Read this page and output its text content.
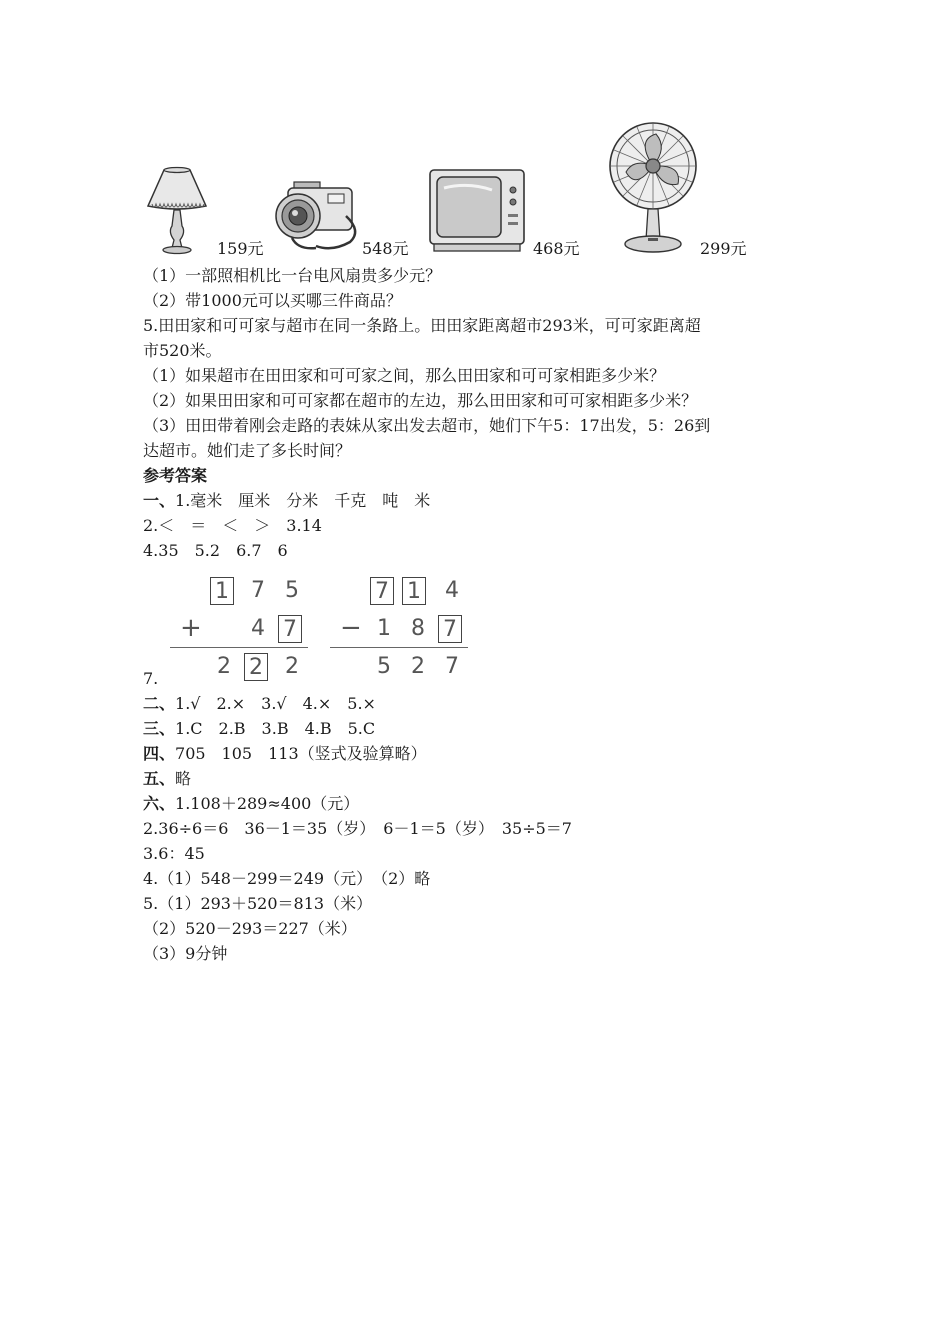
159元	548元	468元	299元
（1）一部照相机比一台电风扇贵多少元？
（2）带1000元可以买哪三件商品？
5.田田家和可可家与超市在同一条路上。田田家距离超市293米，可可家距离超
市520米。
（1）如果超市在田田家和可可家之间，那么田田家和可可家相距多少米？
（2）如果田田家和可可家都在超市的左边，那么田田家和可可家相距多少米？
（3）田田带着刚会走路的表妹从家出发去超市，她们下午5：17出发，5：26到
达超市。她们走了多长时间？
参考答案
一、1.毫米　厘米　分米　千克　吨　米
2.＜　＝　＜　＞　3.14
4.35　5.2　6.7　6
1 7 5
+ 4 7
2 2 2
7 1 4
− 1 8 7
5 2 7
7.
二、1.√　2.×　3.√　4.×　5.×
三、1.C　2.B　3.B　4.B　5.C
四、705　105　113（竖式及验算略）
五、略
六、1.108＋289≈400（元）
2.36÷6＝6　36－1＝35（岁）　6－1＝5（岁）　35÷5＝7
3.6：45
4.（1）548－299＝249（元）　（2）略
5.（1）293＋520＝813（米）
（2）520－293＝227（米）
（3）9分钟
